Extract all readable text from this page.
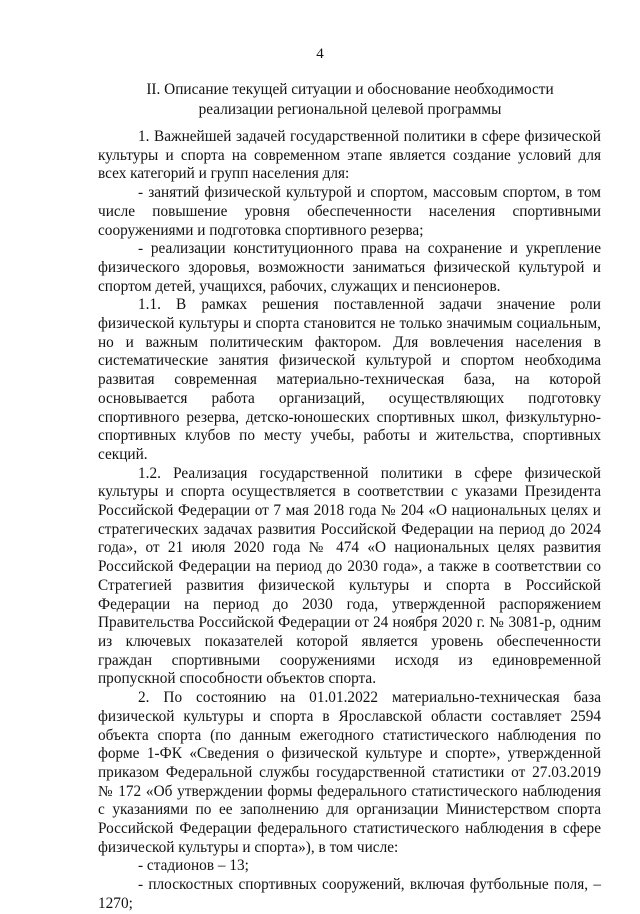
4
II. Описание текущей ситуации и обоснование необходимости
реализации региональной целевой программы

1. Важнейшей задачей государственной политики в сфере физической культуры и спорта на современном этапе является создание условий для всех категорий и групп населения для:

- занятий физической культурой и спортом, массовым спортом, в том числе повышение уровня обеспеченности населения спортивными сооружениями и подготовка спортивного резерва;

- реализации конституционного права на сохранение и укрепление физического здоровья, возможности заниматься физической культурой и спортом детей, учащихся, рабочих, служащих и пенсионеров.

1.1. В рамках решения поставленной задачи значение роли физической культуры и спорта становится не только значимым социальным, но и важным политическим фактором. Для вовлечения населения в систематические занятия физической культурой и спортом необходима развитая современная материально-техническая база, на которой основывается работа организаций, осуществляющих подготовку спортивного резерва, детско-юношеских спортивных школ, физкультурно-спортивных клубов по месту учебы, работы и жительства, спортивных секций.

1.2. Реализация государственной политики в сфере физической культуры и спорта осуществляется в соответствии с указами Президента Российской Федерации от 7 мая 2018 года № 204 «О национальных целях и стратегических задачах развития Российской Федерации на период до 2024 года», от 21 июля 2020 года № 474 «О национальных целях развития Российской Федерации на период до 2030 года», а также в соответствии со Стратегией развития физической культуры и спорта в Российской Федерации на период до 2030 года, утвержденной распоряжением Правительства Российской Федерации от 24 ноября 2020 г. № 3081-р, одним из ключевых показателей которой является уровень обеспеченности граждан спортивными сооружениями исходя из единовременной пропускной способности объектов спорта.

2. По состоянию на 01.01.2022 материально-техническая база физической культуры и спорта в Ярославской области составляет 2594 объекта спорта (по данным ежегодного статистического наблюдения по форме 1-ФК «Сведения о физической культуре и спорте», утвержденной приказом Федеральной службы государственной статистики от 27.03.2019 № 172 «Об утверждении формы федерального статистического наблюдения с указаниями по ее заполнению для организации Министерством спорта Российской Федерации федерального статистического наблюдения в сфере физической культуры и спорта»), в том числе:

- стадионов – 13;

- плоскостных спортивных сооружений, включая футбольные поля, – 1270;
